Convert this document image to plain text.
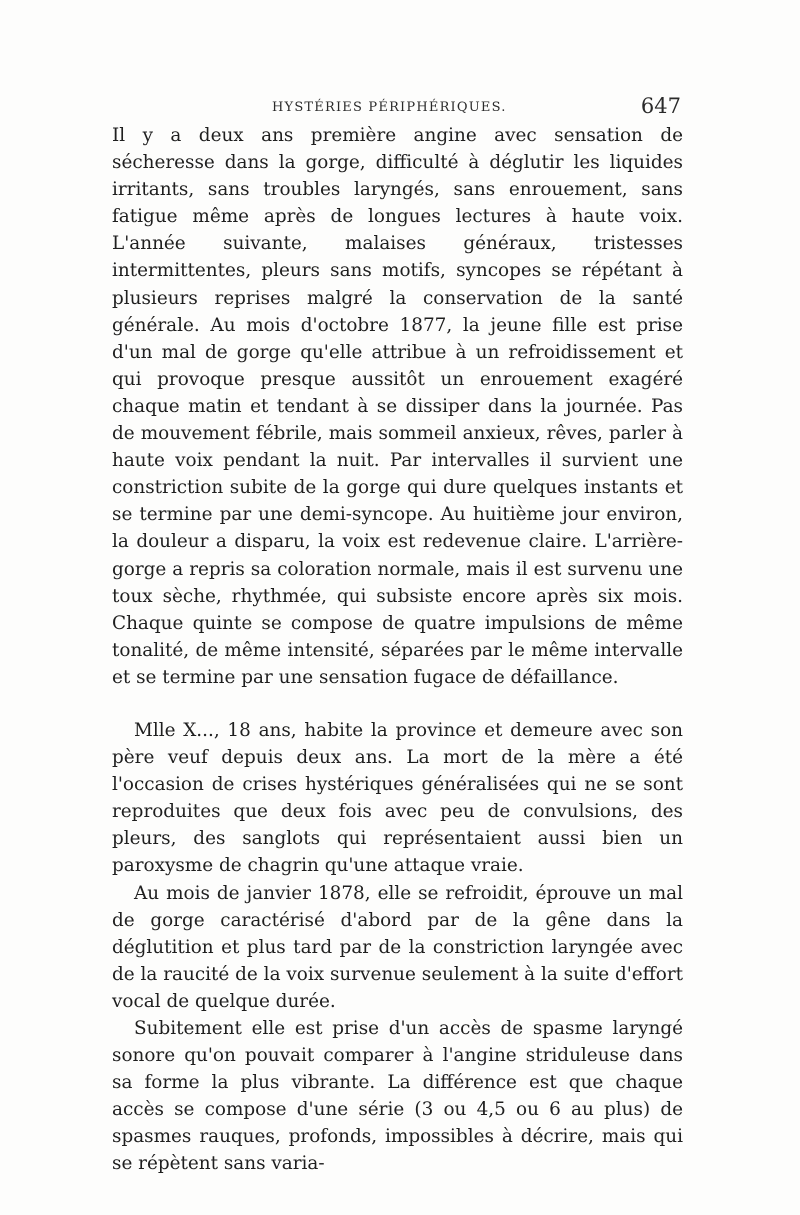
HYSTÉRIES PÉRIPHÉRIQUES.	647

Il y a deux ans première angine avec sensation de sécheresse dans la gorge, difficulté à déglutir les liquides irritants, sans troubles laryngés, sans enrouement, sans fatigue même après de longues lectures à haute voix. L'année suivante, malaises généraux, tristesses intermittentes, pleurs sans motifs, syncopes se répétant à plusieurs reprises malgré la conservation de la santé générale. Au mois d'octobre 1877, la jeune fille est prise d'un mal de gorge qu'elle attribue à un refroidissement et qui provoque presque aussitôt un enrouement exagéré chaque matin et tendant à se dissiper dans la journée. Pas de mouvement fébrile, mais sommeil anxieux, rêves, parler à haute voix pendant la nuit. Par intervalles il survient une constriction subite de la gorge qui dure quelques instants et se termine par une demi-syncope. Au huitième jour environ, la douleur a disparu, la voix est redevenue claire. L'arrière-gorge a repris sa coloration normale, mais il est survenu une toux sèche, rhythmée, qui subsiste encore après six mois. Chaque quinte se compose de quatre impulsions de même tonalité, de même intensité, séparées par le même intervalle et se termine par une sensation fugace de défaillance.

Mlle X..., 18 ans, habite la province et demeure avec son père veuf depuis deux ans. La mort de la mère a été l'occasion de crises hystériques généralisées qui ne se sont reproduites que deux fois avec peu de convulsions, des pleurs, des sanglots qui représentaient aussi bien un paroxysme de chagrin qu'une attaque vraie.

Au mois de janvier 1878, elle se refroidit, éprouve un mal de gorge caractérisé d'abord par de la gêne dans la déglutition et plus tard par de la constriction laryngée avec de la raucité de la voix survenue seulement à la suite d'effort vocal de quelque durée.

Subitement elle est prise d'un accès de spasme laryngé sonore qu'on pouvait comparer à l'angine striduleuse dans sa forme la plus vibrante. La différence est que chaque accès se compose d'une série (3 ou 4,5 ou 6 au plus) de spasmes rauques, profonds, impossibles à décrire, mais qui se répètent sans varia-
